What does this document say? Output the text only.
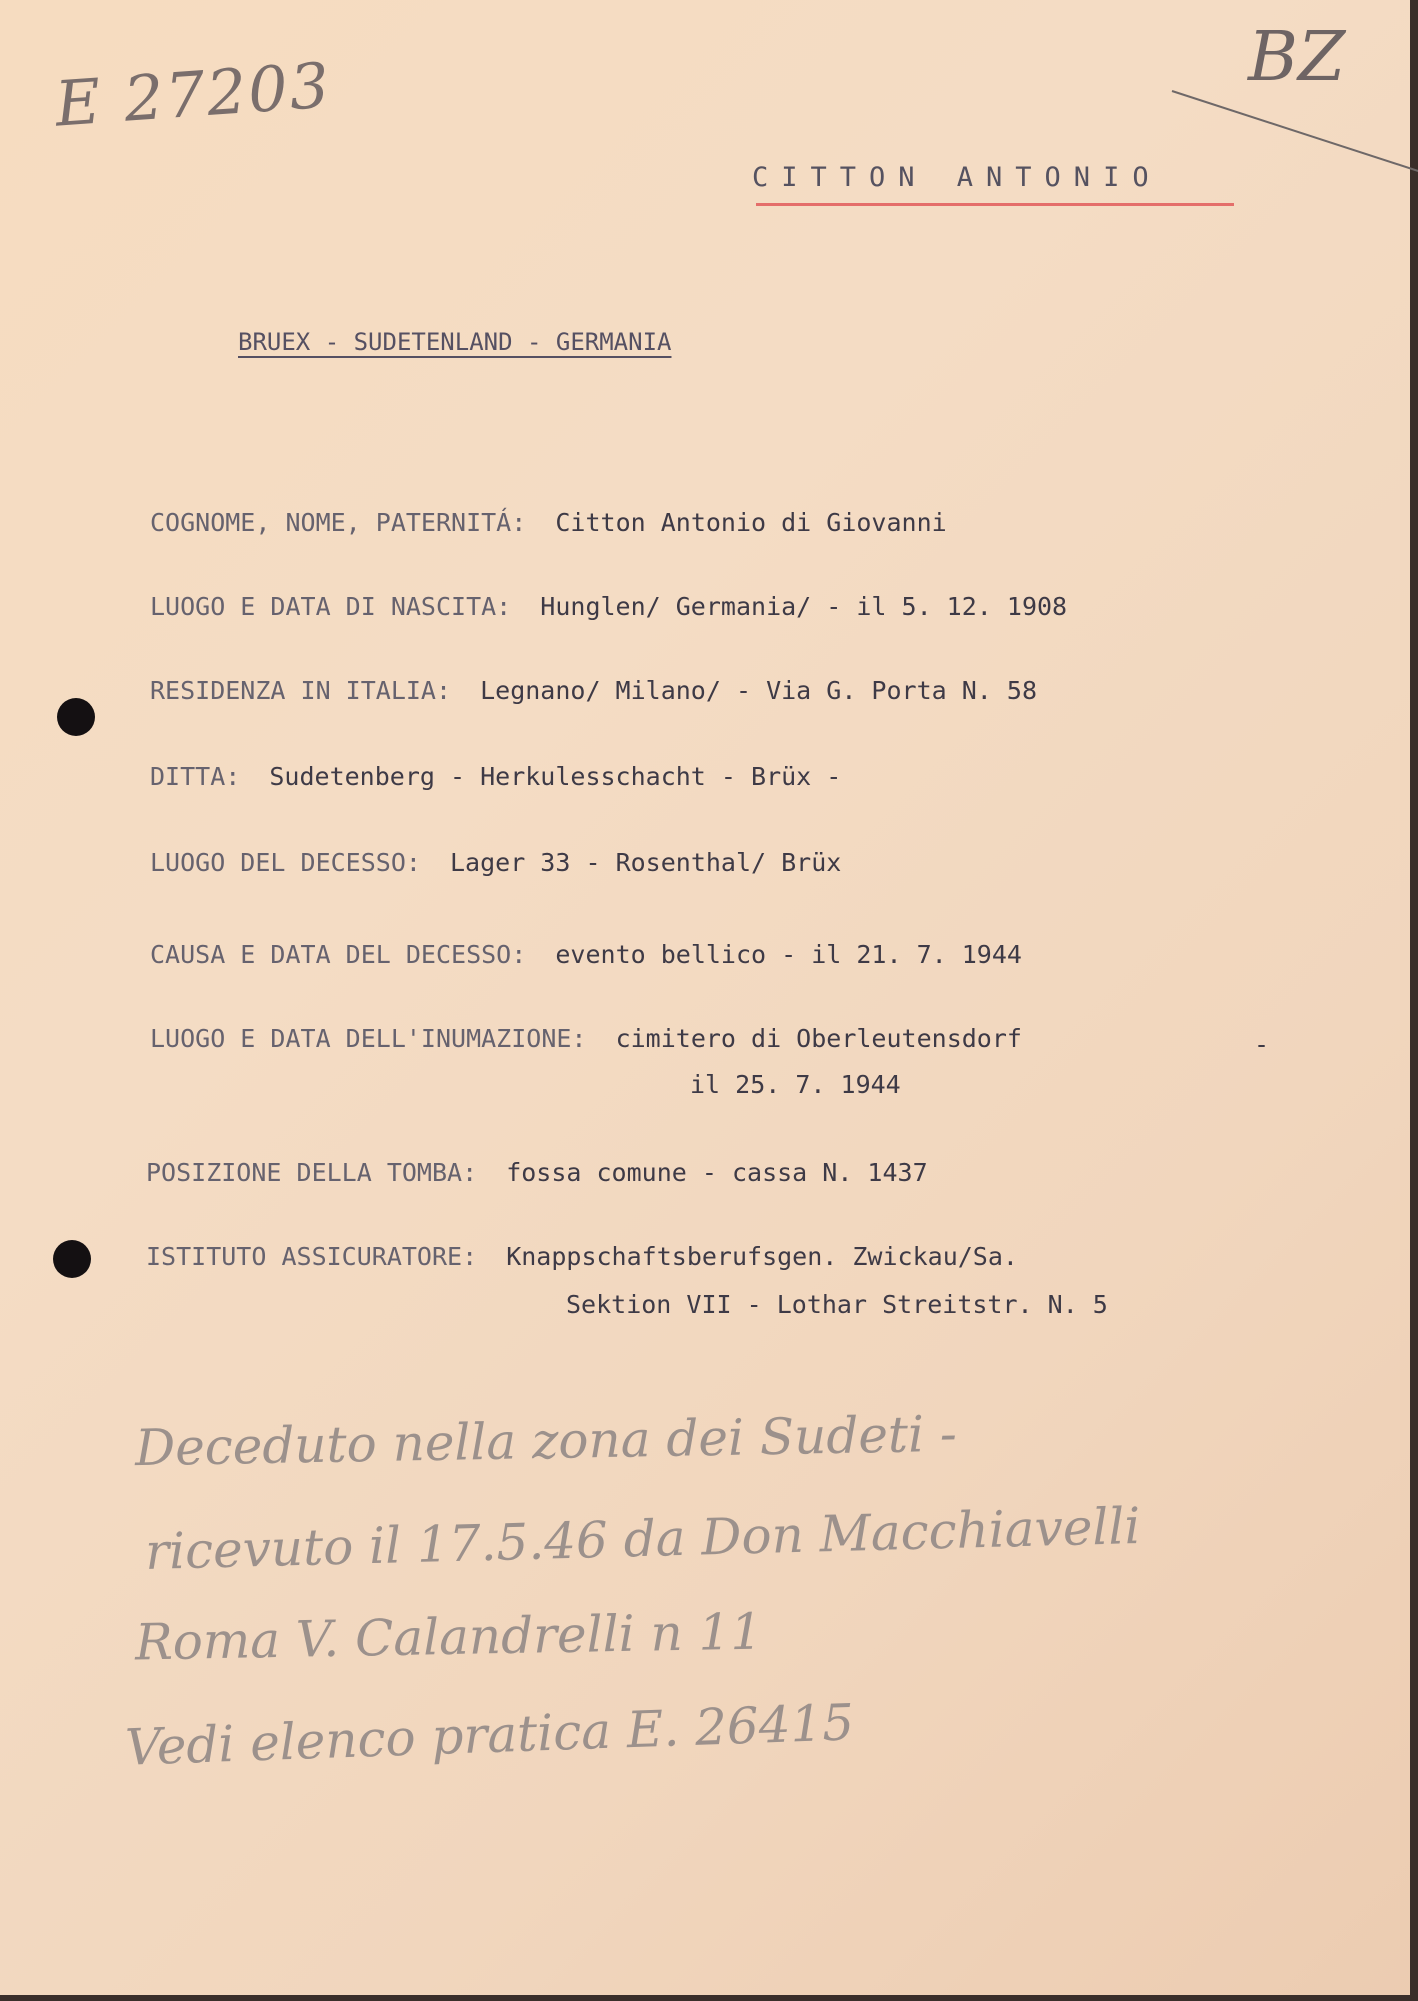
E 27203	BZ
CITTON ANTONIO
BRUEX - SUDETENLAND - GERMANIA
COGNOME, NOME, PATERNITÁ: Citton Antonio di Giovanni
LUOGO E DATA DI NASCITA: Hunglen/ Germania/ - il 5. 12. 1908
RESIDENZA IN ITALIA: Legnano/ Milano/ - Via G. Porta N. 58
DITTA: Sudetenberg - Herkulesschacht - Brüx -
LUOGO DEL DECESSO: Lager 33 - Rosenthal/ Brüx
CAUSA E DATA DEL DECESSO: evento bellico - il 21. 7. 1944
LUOGO E DATA DELL'INUMAZIONE: cimitero di Oberleutensdorf
il 25. 7. 1944
-
POSIZIONE DELLA TOMBA: fossa comune - cassa N. 1437
ISTITUTO ASSICURATORE: Knappschaftsberufsgen. Zwickau/Sa.
Sektion VII - Lothar Streitstr. N. 5
Deceduto nella zona dei Sudeti -
ricevuto il 17.5.46 da Don Macchiavelli
Roma V. Calandrelli n 11
Vedi elenco pratica E. 26415
